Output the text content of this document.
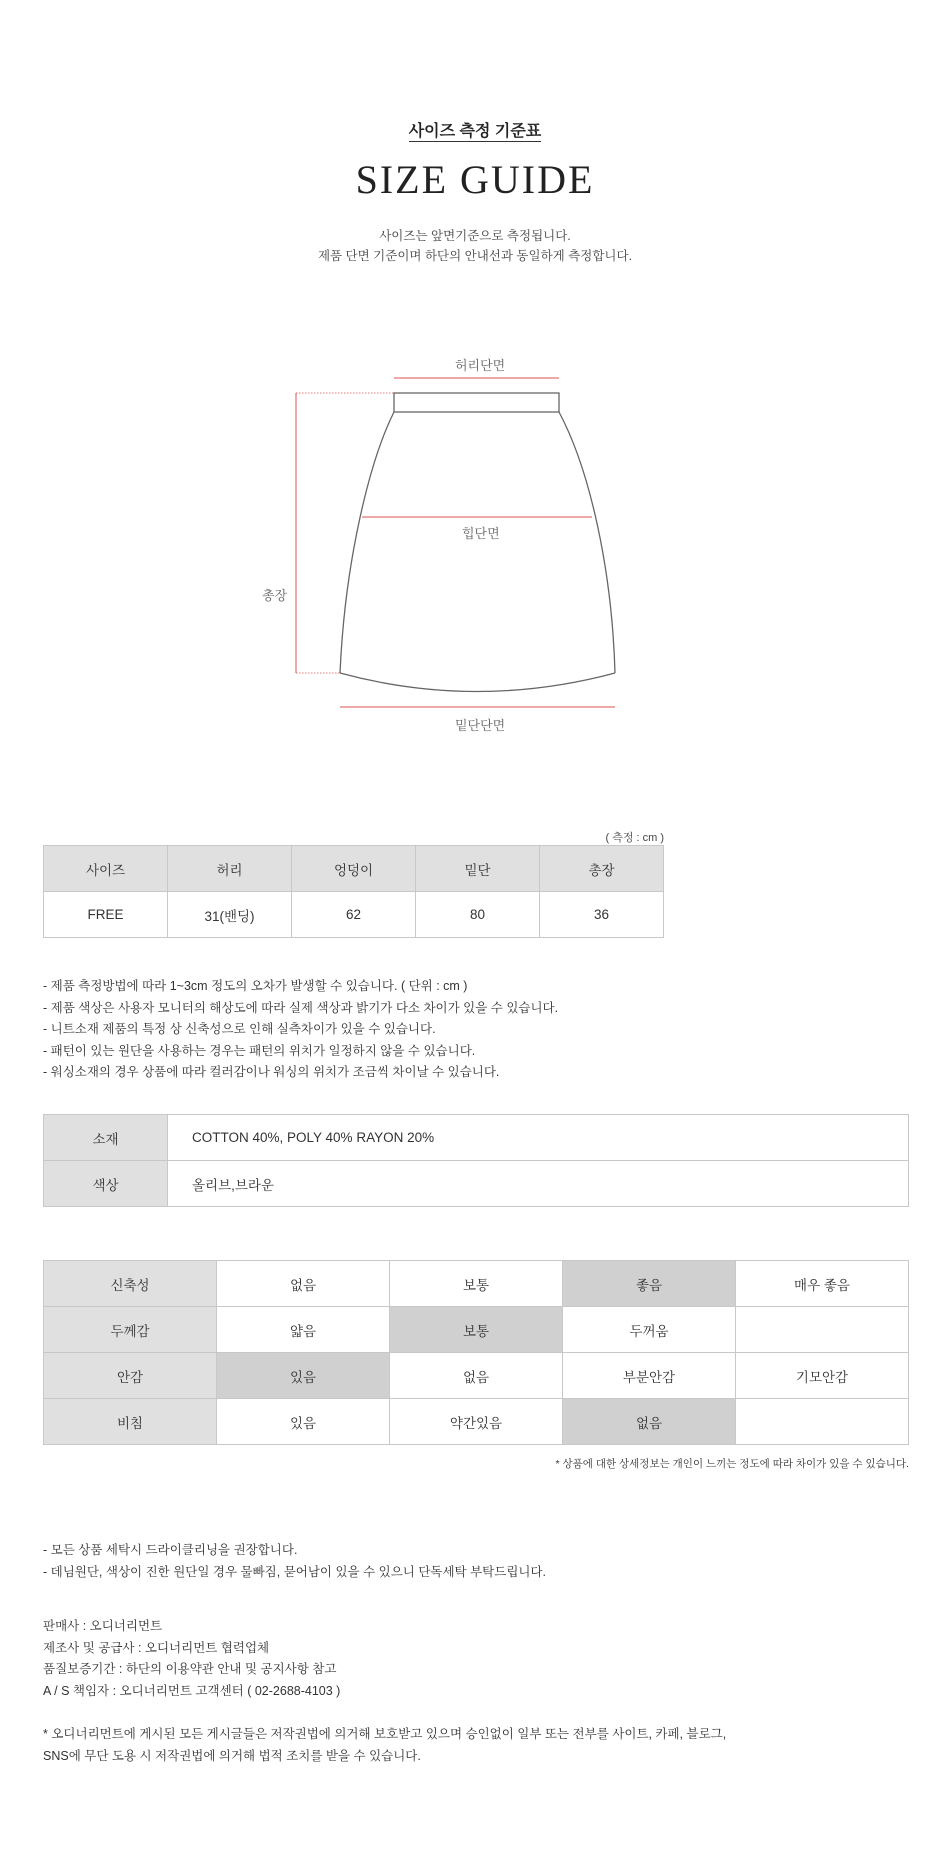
사이즈 측정 기준표
SIZE GUIDE
사이즈는 앞면기준으로 측정됩니다.
제품 단면 기준이며 하단의 안내선과 동일하게 측정합니다.
허리단면
힙단면
총장
밑단단면
( 측정 : cm )
사이즈	허리	엉덩이	밑단	총장
FREE	31(밴딩)	62	80	36
- 제품 측정방법에 따라 1~3cm 정도의 오차가 발생할 수 있습니다. ( 단위 : cm )
- 제품 색상은 사용자 모니터의 해상도에 따라 실제 색상과 밝기가 다소 차이가 있을 수 있습니다.
- 니트소재 제품의 특정 상 신축성으로 인해 실측차이가 있을 수 있습니다.
- 패턴이 있는 원단을 사용하는 경우는 패턴의 위치가 일정하지 않을 수 있습니다.
- 워싱소재의 경우 상품에 따라 컬러감이나 워싱의 위치가 조금씩 차이날 수 있습니다.
소재	COTTON 40%, POLY 40% RAYON 20%
색상	올리브,브라운
신축성	없음	보통	좋음	매우 좋음
두께감	얇음	보통	두꺼움	
안감	있음	없음	부분안감	기모안감
비침	있음	약간있음	없음	
* 상품에 대한 상세정보는 개인이 느끼는 정도에 따라 차이가 있을 수 있습니다.
- 모든 상품 세탁시 드라이클리닝을 권장합니다.
- 데님원단, 색상이 진한 원단일 경우 물빠짐, 묻어남이 있을 수 있으니 단독세탁 부탁드립니다.
판매사 : 오디너리먼트
제조사 및 공급사 : 오디너리먼트 협력업체
품질보증기간 : 하단의 이용약관 안내 및 공지사항 참고
A / S 책임자 : 오디너리먼트 고객센터 ( 02-2688-4103 )
* 오디너리먼트에 게시된 모든 게시글들은 저작권법에 의거해 보호받고 있으며 승인없이 일부 또는 전부를 사이트, 카페, 블로그,
SNS에 무단 도용 시 저작권법에 의거해 법적 조치를 받을 수 있습니다.
